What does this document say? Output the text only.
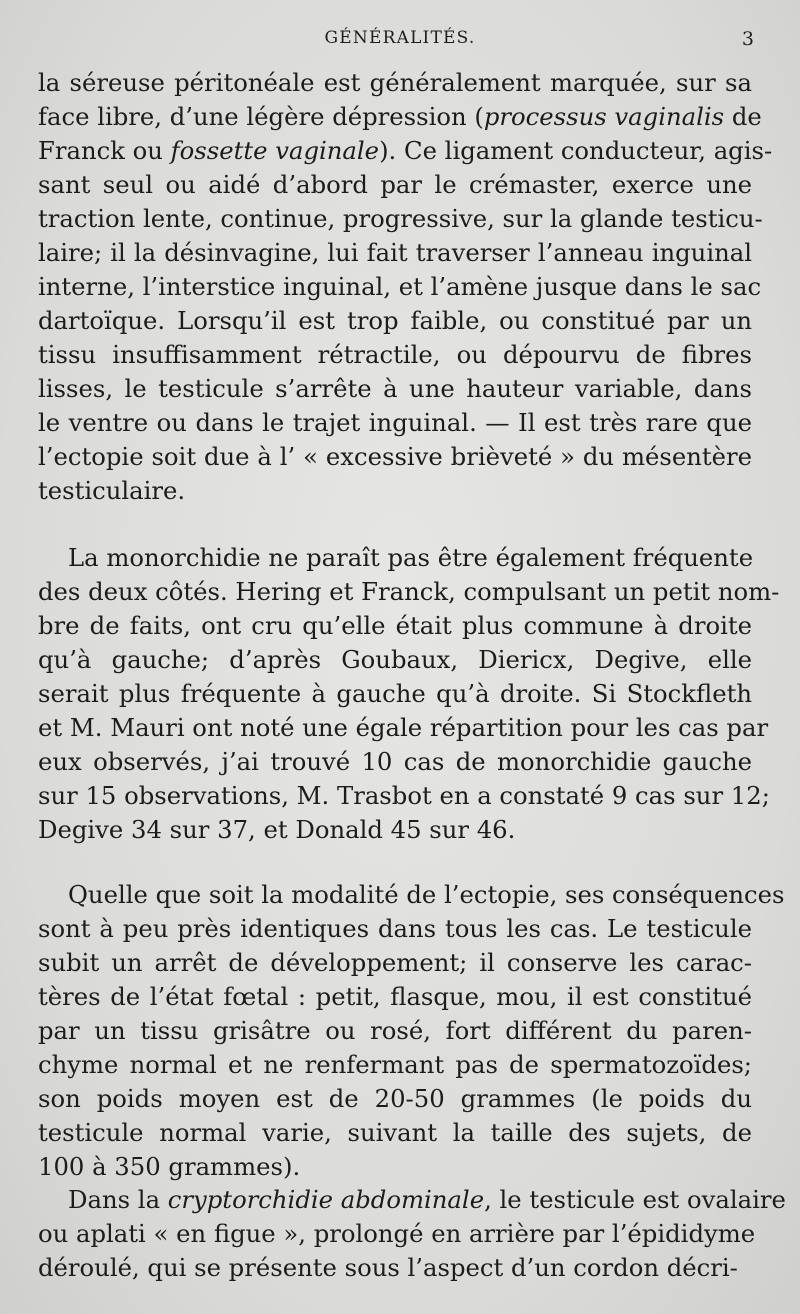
GÉNÉRALITÉS.	3
la séreuse péritonéale est généralement marquée, sur sa
face libre, d’une légère dépression (processus vaginalis de
Franck ou fossette vaginale). Ce ligament conducteur, agis-
sant seul ou aidé d’abord par le crémaster, exerce une
traction lente, continue, progressive, sur la glande testicu-
laire; il la désinvagine, lui fait traverser l’anneau inguinal
interne, l’interstice inguinal, et l’amène jusque dans le sac
dartoïque. Lorsqu’il est trop faible, ou constitué par un
tissu insuffisamment rétractile, ou dépourvu de fibres
lisses, le testicule s’arrête à une hauteur variable, dans
le ventre ou dans le trajet inguinal. — Il est très rare que
l’ectopie soit due à l’ « excessive brièveté » du mésentère
testiculaire.
La monorchidie ne paraît pas être également fréquente
des deux côtés. Hering et Franck, compulsant un petit nom-
bre de faits, ont cru qu’elle était plus commune à droite
qu’à gauche; d’après Goubaux, Diericx, Degive, elle
serait plus fréquente à gauche qu’à droite. Si Stockfleth
et M. Mauri ont noté une égale répartition pour les cas par
eux observés, j’ai trouvé 10 cas de monorchidie gauche
sur 15 observations, M. Trasbot en a constaté 9 cas sur 12;
Degive 34 sur 37, et Donald 45 sur 46.
Quelle que soit la modalité de l’ectopie, ses conséquences
sont à peu près identiques dans tous les cas. Le testicule
subit un arrêt de développement; il conserve les carac-
tères de l’état fœtal : petit, flasque, mou, il est constitué
par un tissu grisâtre ou rosé, fort différent du paren-
chyme normal et ne renfermant pas de spermatozoïdes;
son poids moyen est de 20-50 grammes (le poids du
testicule normal varie, suivant la taille des sujets, de
100 à 350 grammes).
Dans la cryptorchidie abdominale, le testicule est ovalaire
ou aplati « en figue », prolongé en arrière par l’épididyme
déroulé, qui se présente sous l’aspect d’un cordon décri-
